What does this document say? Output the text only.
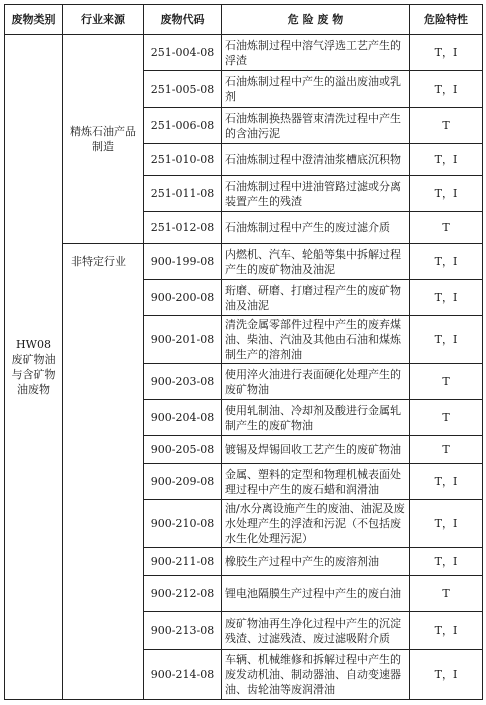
废物类别	行业来源	废物代码	危 险 废 物	危险特性

HW08
废矿物油
与含矿物
油废物	精炼石油产品制造	251-004-08	石油炼制过程中溶气浮选工艺产生的浮渣	T，I
		251-005-08	石油炼制过程中产生的溢出废油或乳剂	T，I
		251-006-08	石油炼制换热器管束清洗过程中产生的含油污泥	T
		251-010-08	石油炼制过程中澄清油浆槽底沉积物	T，I
		251-011-08	石油炼制过程中进油管路过滤或分离装置产生的残渣	T，I
		251-012-08	石油炼制过程中产生的废过滤介质	T
	非特定行业	900-199-08	内燃机、汽车、轮船等集中拆解过程产生的废矿物油及油泥	T，I
		900-200-08	珩磨、研磨、打磨过程产生的废矿物油及油泥	T，I
		900-201-08	清洗金属零部件过程中产生的废弃煤油、柴油、汽油及其他由石油和煤炼制生产的溶剂油	T，I
		900-203-08	使用淬火油进行表面硬化处理产生的废矿物油	T
		900-204-08	使用轧制油、冷却剂及酸进行金属轧制产生的废矿物油	T
		900-205-08	镀锡及焊锡回收工艺产生的废矿物油	T
		900-209-08	金属、塑料的定型和物理机械表面处理过程中产生的废石蜡和润滑油	T，I
		900-210-08	油/水分离设施产生的废油、油泥及废水处理产生的浮渣和污泥（不包括废水生化处理污泥）	T，I
		900-211-08	橡胶生产过程中产生的废溶剂油	T，I
		900-212-08	锂电池隔膜生产过程中产生的废白油	T
		900-213-08	废矿物油再生净化过程中产生的沉淀残渣、过滤残渣、废过滤吸附介质	T，I
		900-214-08	车辆、机械维修和拆解过程中产生的废发动机油、制动器油、自动变速器油、齿轮油等废润滑油	T，I
